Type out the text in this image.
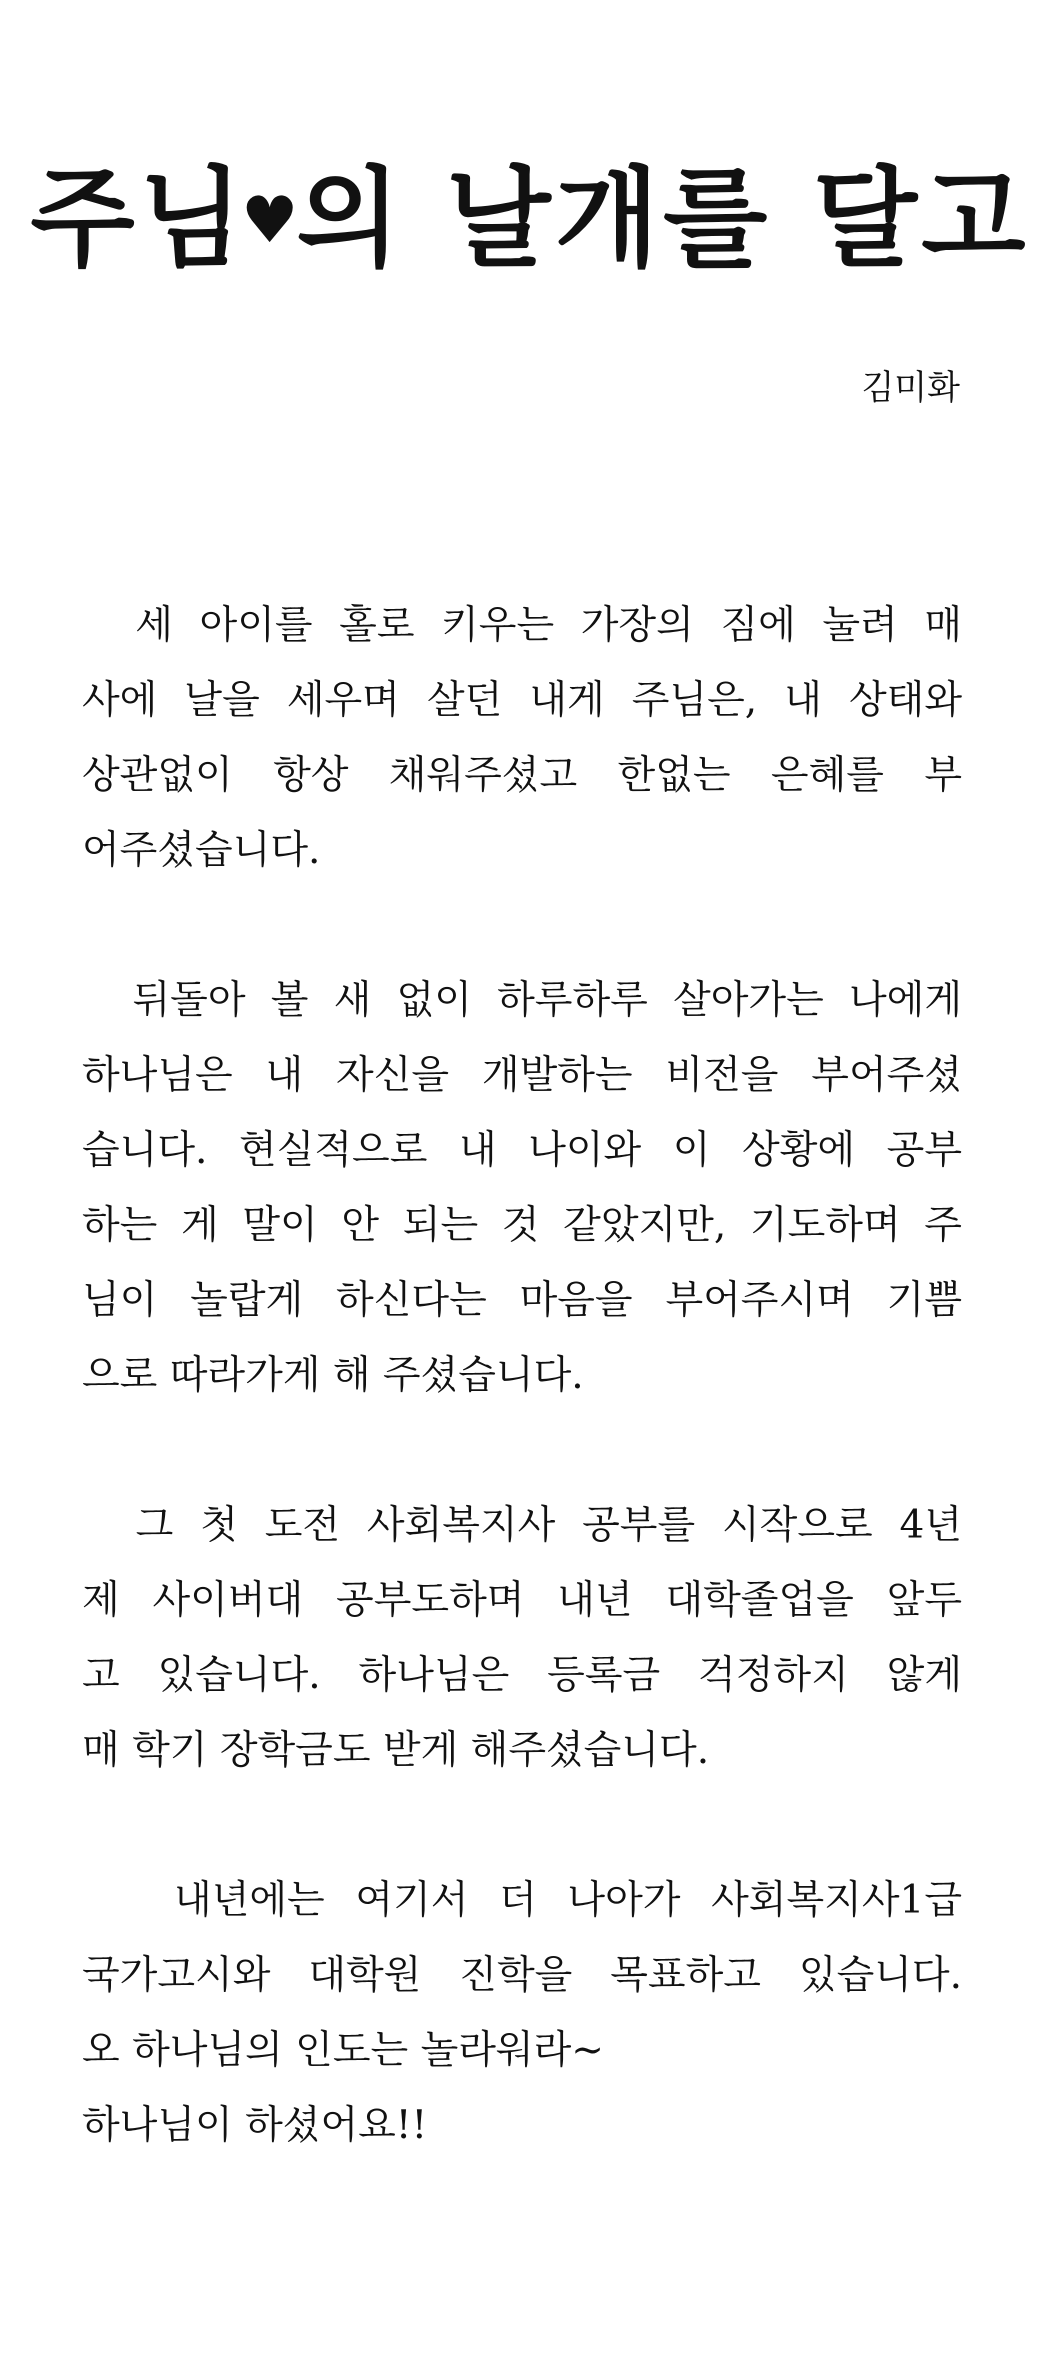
주님♥의 날개를 달고
김미화
세 아이를 홀로 키우는 가장의 짐에 눌려 매
사에 날을 세우며 살던 내게 주님은, 내 상태와
상관없이 항상 채워주셨고 한없는 은혜를 부
어주셨습니다.
뒤돌아 볼 새 없이 하루하루 살아가는 나에게
하나님은 내 자신을 개발하는 비전을 부어주셨
습니다. 현실적으로 내 나이와 이 상황에 공부
하는 게 말이 안 되는 것 같았지만, 기도하며 주
님이 놀랍게 하신다는 마음을 부어주시며 기쁨
으로 따라가게 해 주셨습니다.
그 첫 도전 사회복지사 공부를 시작으로 4년
제 사이버대 공부도하며 내년 대학졸업을 앞두
고 있습니다. 하나님은 등록금 걱정하지 않게
매 학기 장학금도 받게 해주셨습니다.
내년에는 여기서 더 나아가 사회복지사1급
국가고시와 대학원 진학을 목표하고 있습니다.
오 하나님의 인도는 놀라워라~
하나님이 하셨어요!!
